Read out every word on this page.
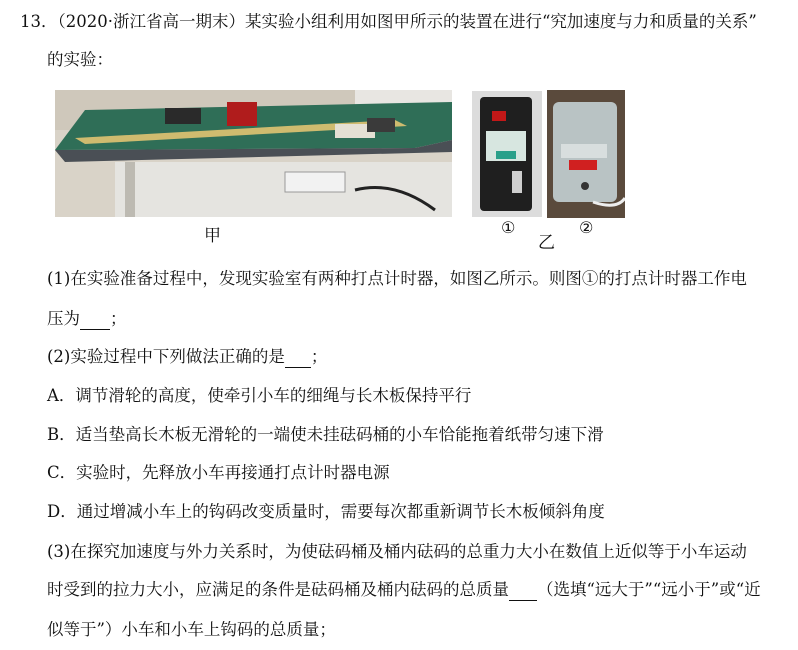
13．（2020·浙江省高一期末）某实验小组利用如图甲所示的装置在进行“究加速度与力和质量的关系”
的实验：
甲	①
乙
②
(1)在实验准备过程中，发现实验室有两种打点计时器，如图乙所示。则图①的打点计时器工作电
压为 ；
(2)实验过程中下列做法正确的是 ；
A．调节滑轮的高度，使牵引小车的细绳与长木板保持平行
B．适当垫高长木板无滑轮的一端使未挂砝码桶的小车恰能拖着纸带匀速下滑
C．实验时，先释放小车再接通打点计时器电源
D．通过增减小车上的钩码改变质量时，需要每次都重新调节长木板倾斜角度
(3)在探究加速度与外力关系时，为使砝码桶及桶内砝码的总重力大小在数值上近似等于小车运动
时受到的拉力大小，应满足的条件是砝码桶及桶内砝码的总质量 （选填“远大于”“远小于”或“近
似等于”）小车和小车上钩码的总质量；
